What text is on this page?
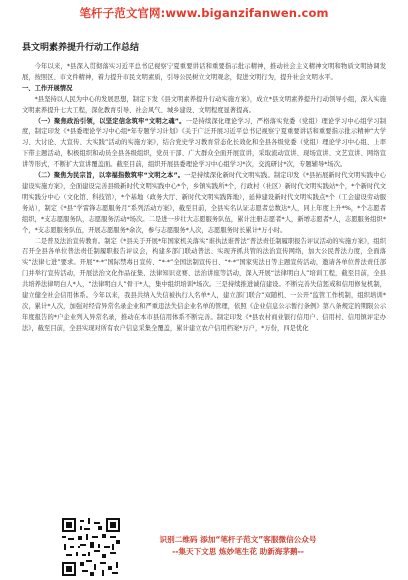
笔杆子范文官网:www.biganzifanwen.com
县文明素养提升行动工作总结

今年以来，*县深入贯彻落实习近平总书记视察宁夏重要讲话和重要指示批示精神，推动社会主义精神文明和物质文明协调发展，按照区、市文件精神，着力提升市民文明素质，引导公民树立文明观念，促进文明行为，提升社会文明水平。

一、工作开展情况

*县坚持以人民为中心的发展思想，制定下发《县文明素养提升行动实施方案》，成立*县文明素养提升行动领导小组，深入实施文明素养提升七大工程，深化教育引导、社会风气、城乡建设、文明程度显著提高。

（一）聚焦政治引领，以坚定信念筑牢“文明之魂”。一是持续深化理论学习，严格落实党委（党组）理论学习中心组学习制度，制定印发《*县委理论学习中心组*年专题学习计划》《关于广泛开展习近平总书记视察宁夏重要讲话和重要指示批示精神“大学习、大讨论、大宣传、大实践”活动的实施方案》，结合党史学习教育常态化长效化和全县各级党委（党组）理论学习中心组、上率下带主题活动，积极组织和动员全县各级组织，党员干部、广大群众全面开展宣讲，采取流动宣讲、现场宣讲、文艺宣讲、网络宣讲等形式，不断扩大宣讲覆盖面。截至目前，组织开展县委理论学习中心组学习*次，交流研讨*次，专题辅导*场次。

（二）聚焦为民宗旨，以幸福指数筑牢“文明之本”。一是持续深化新时代文明实践。制定印发《*县拓展新时代文明实践中心建设实施方案》，全面建设完善县级新时代文明实践中心*个，乡镇实践所*个，行政村（社区）新时代文明实践站*个，*个新时代文明实践分中心（文化馆、科技馆），*个基地（政务大厅、新时代文明实践阵地），延伸建设新时代文明实践点*个（工会建设劳动服务站），制定《*县“学雷锋志愿服务月”系列活动方案》，截至目前，全县实名认证志愿者总数达*人，同上年度上升*%，*个志愿者组织，*支志愿服务队，志愿服务活动*场次。二是进一步壮大志愿服务队伍，累计注册志愿者*人，新增志愿者*人，志愿服务组织*个，*支志愿服务队伍，开展志愿服务*余次，参与志愿服务*人次，志愿服务时长累计*万小时。

二是普及法治宣传教育。制定《*县关于开展*年国家机关落实“谁执法谁普法”普法责任制履职报告评议活动的实施方案》，组织召开全县各单位普法责任制履职报告评议会，构建多部门联动普法、实现齐抓共管的法治宣传网络，加大公民普法力度，全面落实“法律七进”要求。开展“*·*”国际禁毒日宣传、“*·*”全国法制宣传日、“*·*”国家宪法日等主题宣传活动，邀请各单位普法责任部门并举行宣传活动，开展法治文化作品征集、法律知识竞赛、法治讲座等活动，深入开展“法律明白人”培训工程，截至目前，全县共培养法律明白人*人，“法律明白人”骨干*人，集中组织培训*场次。三是持续推进诚信建设。不断完善失信惩戒和信用修复机制，建立健全社会信用体系。今年以来，我县共纳入失信被执行人名单*人，建立部门联合“双随机、一公开”监管工作机制，组织培训*次，累计*人次，加强对经营异常名录企业和严重违法失信企业名单的管理，依照《企业信息公示暂行条例》第八条规定的期限公示年度报告的*户企业列入异常名录，推动在本市县信用体系不断完善。制定印发《*县农村商业银行信用户、信用村、信用镇评定办法》，截至目前，全县实现对所有农户信息采集全覆盖，累计建立农户信用档案*万户，*万份，四是优化

识别二维码 添加“笔杆子范文”客服微信公众号
--集天下文思 炼妙笔生花 助新海茅鹅--
